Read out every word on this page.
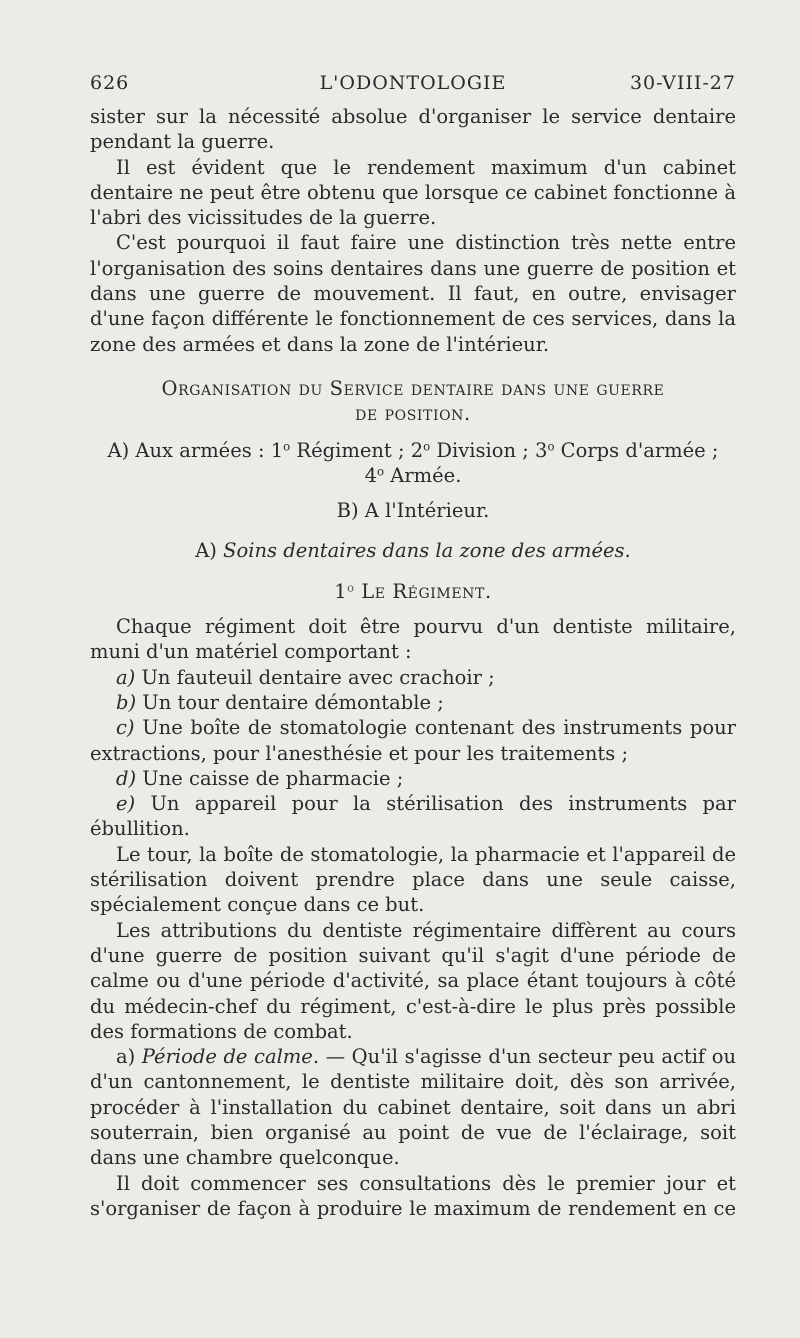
626	L'ODONTOLOGIE	30-VIII-27

sister sur la nécessité absolue d'organiser le service dentaire pendant la guerre.

Il est évident que le rendement maximum d'un cabinet dentaire ne peut être obtenu que lorsque ce cabinet fonctionne à l'abri des vicissitudes de la guerre.

C'est pourquoi il faut faire une distinction très nette entre l'organisation des soins dentaires dans une guerre de position et dans une guerre de mouvement. Il faut, en outre, envisager d'une façon différente le fonctionnement de ces services, dans la zone des armées et dans la zone de l'intérieur.

Organisation du Service dentaire dans une guerre

de position.

A) Aux armées : 1$^o$ Régiment ; 2$^o$ Division ; 3$^o$ Corps d'armée ;

4$^o$ Armée.

B) A l'Intérieur.

A) Soins dentaires dans la zone des armées.

1$^o$ Le Régiment.

Chaque régiment doit être pourvu d'un dentiste militaire, muni d'un matériel comportant :

a) Un fauteuil dentaire avec crachoir ;

b) Un tour dentaire démontable ;

c) Une boîte de stomatologie contenant des instruments pour extractions, pour l'anesthésie et pour les traitements ;

d) Une caisse de pharmacie ;

e) Un appareil pour la stérilisation des instruments par ébullition.

Le tour, la boîte de stomatologie, la pharmacie et l'appareil de stérilisation doivent prendre place dans une seule caisse, spécialement conçue dans ce but.

Les attributions du dentiste régimentaire diffèrent au cours d'une guerre de position suivant qu'il s'agit d'une période de calme ou d'une période d'activité, sa place étant toujours à côté du médecin-chef du régiment, c'est-à-dire le plus près possible des formations de combat.

a) Période de calme. — Qu'il s'agisse d'un secteur peu actif ou d'un cantonnement, le dentiste militaire doit, dès son arrivée, procéder à l'installation du cabinet dentaire, soit dans un abri souterrain, bien organisé au point de vue de l'éclairage, soit dans une chambre quelconque.

Il doit commencer ses consultations dès le premier jour et s'organiser de façon à produire le maximum de rendement en ce
